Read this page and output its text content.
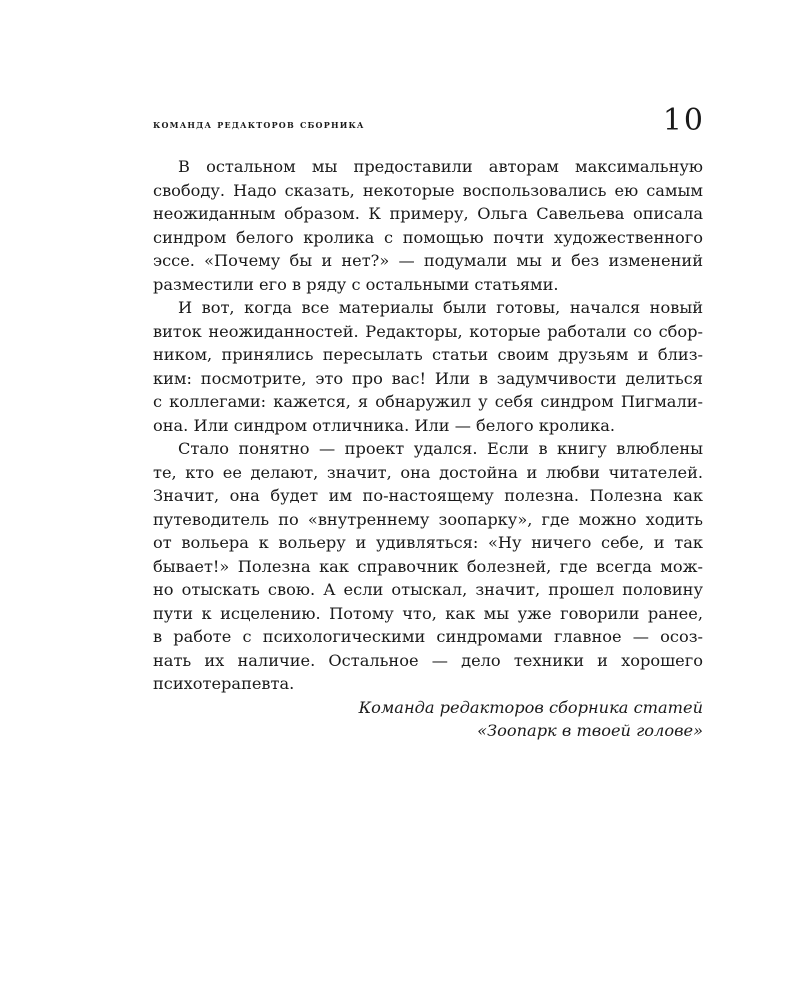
команда редакторов сборника	10
В остальном мы предоставили авторам максимальную
свободу. Надо сказать, некоторые воспользовались ею самым
неожиданным образом. К примеру, Ольга Савельева описала
синдром белого кролика с помощью почти художественного
эссе. «Почему бы и нет?» — подумали мы и без изменений
разместили его в ряду с остальными статьями.
И вот, когда все материалы были готовы, начался новый
виток неожиданностей. Редакторы, которые работали со сбор-
ником, принялись пересылать статьи своим друзьям и близ-
ким: посмотрите, это про вас! Или в задумчивости делиться
с коллегами: кажется, я обнаружил у себя синдром Пигмали-
она. Или синдром отличника. Или — белого кролика.
Стало понятно — проект удался. Если в книгу влюблены
те, кто ее делают, значит, она достойна и любви читателей.
Значит, она будет им по-настоящему полезна. Полезна как
путеводитель по «внутреннему зоопарку», где можно ходить
от вольера к вольеру и удивляться: «Ну ничего себе, и так
бывает!» Полезна как справочник болезней, где всегда мож-
но отыскать свою. А если отыскал, значит, прошел половину
пути к исцелению. Потому что, как мы уже говорили ранее,
в работе с психологическими синдромами главное — осоз-
нать их наличие. Остальное — дело техники и хорошего
психотерапевта.
Команда редакторов сборника статей
«Зоопарк в твоей голове»
